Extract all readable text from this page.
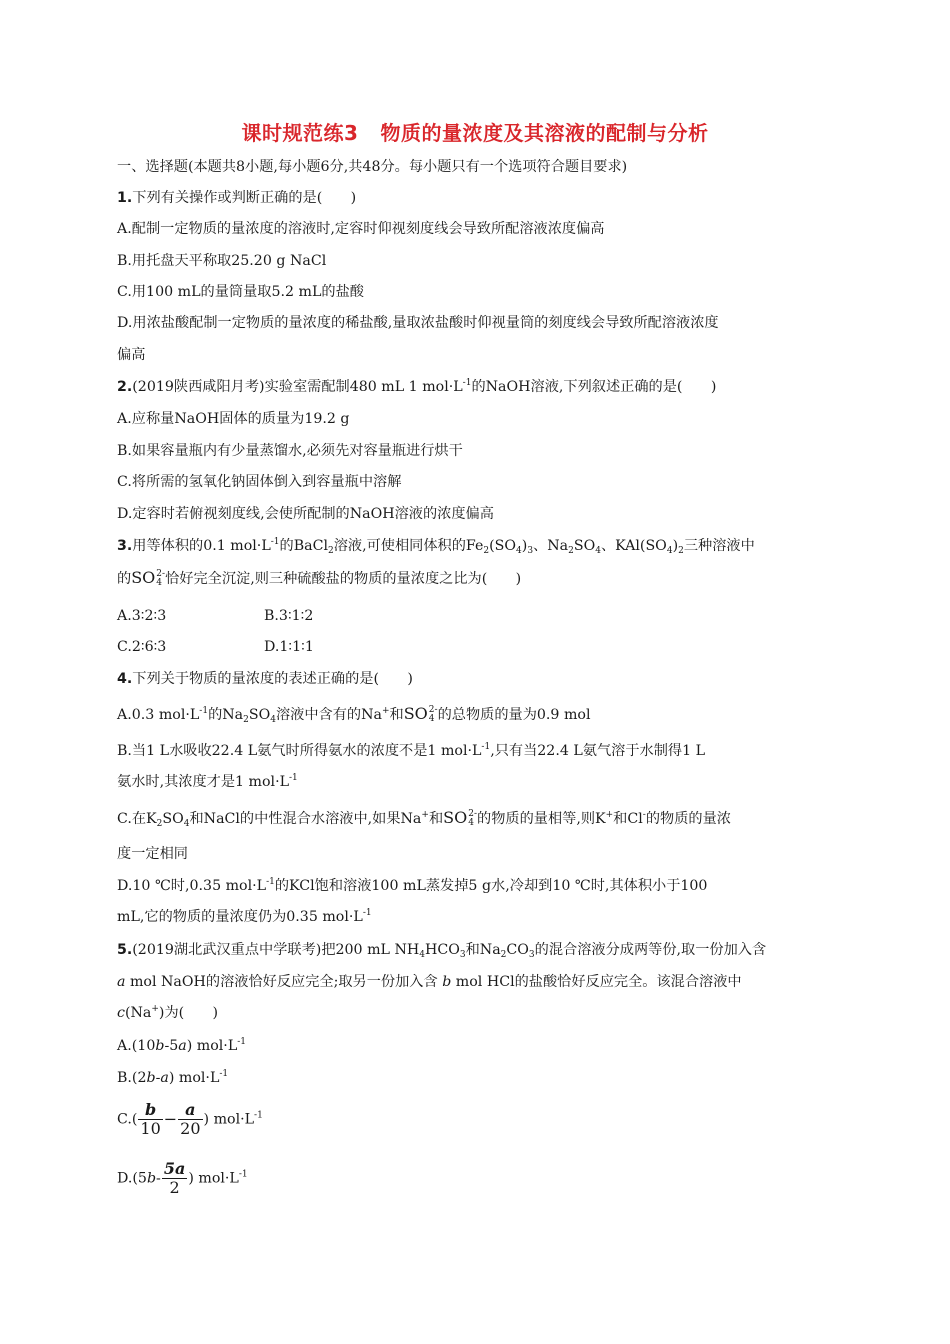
课时规范练3 物质的量浓度及其溶液的配制与分析
一、选择题(本题共8小题,每小题6分,共48分。每小题只有一个选项符合题目要求)
1.下列有关操作或判断正确的是(　　)
A.配制一定物质的量浓度的溶液时,定容时仰视刻度线会导致所配溶液浓度偏高
B.用托盘天平称取25.20 g NaCl
C.用100 mL的量筒量取5.2 mL的盐酸
D.用浓盐酸配制一定物质的量浓度的稀盐酸,量取浓盐酸时仰视量筒的刻度线会导致所配溶液浓度
偏高
2.(2019陕西咸阳月考)实验室需配制480 mL 1 $mol\cdot L^{-1}$的NaOH溶液,下列叙述正确的是(　　)
A.应称量NaOH固体的质量为19.2 g
B.如果容量瓶内有少量蒸馏水,必须先对容量瓶进行烘干
C.将所需的氢氧化钠固体倒入到容量瓶中溶解
D.定容时若俯视刻度线,会使所配制的NaOH溶液的浓度偏高
3.用等体积的0.1 $mol\cdot L^{-1}$的BaCl$_2$溶液,可使相同体积的$Fe_2(SO_4)_3$、$Na_2SO_4$、$KAl(SO_4)_2$三种溶液中
的SO 2-
4 恰好完全沉淀,则三种硫酸盐的物质的量浓度之比为(　　)
A.3∶2∶3	B.3∶1∶2
C.2∶6∶3	D.1∶1∶1
4.下列关于物质的量浓度的表述正确的是(　　)
A.0.3 $mol\cdot L^{-1}$的$Na_2SO_4$溶液中含有的Na+和SO 2-
4 的总物质的量为0.9 mol
B.当1 L水吸收22.4 L氨气时所得氨水的浓度不是1 $mol\cdot L^{-1}$,只有当22.4 L氨气溶于水制得1 L
氨水时,其浓度才是1 $mol\cdot L^{-1}$
C.在$K_2SO_4$和NaCl的中性混合水溶液中,如果Na+和SO 2-
4 的物质的量相等,则K+和Cl-的物质的量浓
度一定相同
D.10 ℃时,0.35 $mol\cdot L^{-1}$的KCl饱和溶液100 mL蒸发掉5 g水,冷却到10 ℃时,其体积小于100
mL,它的物质的量浓度仍为0.35 $mol\cdot L^{-1}$
5.(2019湖北武汉重点中学联考)把200 mL $NH_4HCO_3$和$Na_2CO_3$的混合溶液分成两等份,取一份加入含
a mol NaOH的溶液恰好反应完全;取另一份加入含 b mol HCl的盐酸恰好反应完全。该混合溶液中
c(Na+)为(　　)
A.(10b-5a) $mol\cdot L^{-1}$
B.(2b-a) $mol\cdot L^{-1}$
$C.( \frac{b}{10} - \frac{a}{20}$ ) $mol\cdot L^{-1}$
$D.(5b- \frac{5a}{2}$ ) $mol\cdot L^{-1}$
